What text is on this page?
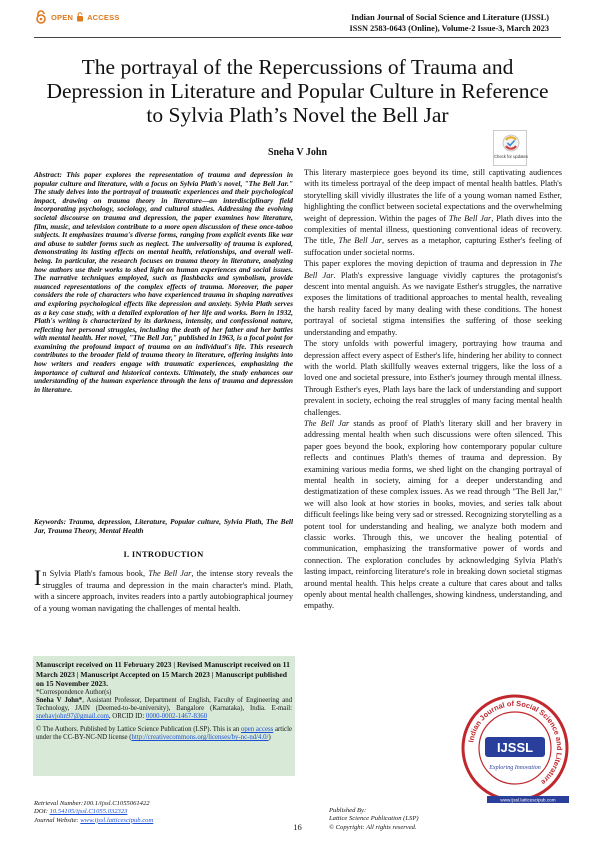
OPEN ACCESS	Indian Journal of Social Science and Literature (IJSSL)
ISSN 2583-0643 (Online), Volume-2 Issue-3, March 2023
The portrayal of the Repercussions of Trauma and Depression in Literature and Popular Culture in Reference to Sylvia Plath’s Novel the Bell Jar
Sneha V John	Check for updates
Abstract: This paper explores the representation of trauma and depression in popular culture and literature, with a focus on Sylvia Plath's novel, "The Bell Jar." The study delves into the portrayal of traumatic experiences and their psychological impact, drawing on trauma theory in literature—an interdisciplinary field incorporating psychology, sociology, and cultural studies. Addressing the evolving societal discourse on trauma and depression, the paper examines how literature, film, music, and television contribute to a more open discussion of these once-taboo subjects. It emphasizes trauma's diverse forms, ranging from explicit events like war and abuse to subtler forms such as neglect. The universality of trauma is explored, demonstrating its lasting effects on mental health, relationships, and overall well-being. In particular, the research focuses on trauma theory in literature, analyzing how authors use their works to shed light on human experiences and social issues. The narrative techniques employed, such as flashbacks and symbolism, provide nuanced representations of the complex effects of trauma. Moreover, the paper considers the role of characters who have experienced trauma in shaping narratives and exploring psychological effects like depression and anxiety. Sylvia Plath serves as a key case study, with a detailed exploration of her life and works. Born in 1932, Plath's writing is characterized by its darkness, intensity, and confessional nature, reflecting her personal struggles, including the death of her father and her battles with mental health. Her novel, "The Bell Jar," published in 1963, is a focal point for examining the profound impact of trauma on an individual's life. This research contributes to the broader field of trauma theory in literature, offering insights into how writers and readers engage with traumatic experiences, emphasizing the importance of cultural and historical contexts. Ultimately, the study enhances our understanding of the human experience through the lens of trauma and depression in literature.
Keywords: Trauma, depression, Literature, Popular culture, Sylvia Plath, The Bell Jar, Trauma Theory, Mental Health
I. INTRODUCTION
In Sylvia Plath's famous book, The Bell Jar, the intense story reveals the struggles of trauma and depression in the main character's mind. Plath, with a sincere approach, invites readers into a partly autobiographical journey of a young woman navigating the challenges of mental health.
Manuscript received on 11 February 2023 | Revised Manuscript received on 11 March 2023 | Manuscript Accepted on 15 March 2023 | Manuscript published on 15 November 2023.
*Correspondence Author(s)
Sneha V John*, Assistant Professor, Department of English, Faculty of Engineering and Technology, JAIN (Deemed-to-be-university), Bangalore (Karnataka), India. E-mail: snehavjohn97@gmail.com, ORCID ID: 0000-0002-1467-8360
© The Authors. Published by Lattice Science Publication (LSP). This is an open access article under the CC-BY-NC-ND license (http://creativecommons.org/licenses/by-nc-nd/4.0/)

This literary masterpiece goes beyond its time, still captivating audiences with its timeless portrayal of the deep impact of mental health battles. Plath's storytelling skill vividly illustrates the life of a young woman named Esther, highlighting the conflict between societal expectations and the overwhelming weight of depression. Within the pages of The Bell Jar, Plath dives into the complexities of mental illness, questioning conventional ideas of recovery. The title, The Bell Jar, serves as a metaphor, capturing Esther's feeling of suffocation under societal norms.

This paper explores the moving depiction of trauma and depression in The Bell Jar. Plath's expressive language vividly captures the protagonist's descent into mental anguish. As we navigate Esther's struggles, the narrative exposes the limitations of traditional approaches to mental health, revealing the harsh reality faced by many dealing with these conditions. The honest portrayal of societal stigma intensifies the suffering of those seeking understanding and empathy.

The story unfolds with powerful imagery, portraying how trauma and depression affect every aspect of Esther's life, hindering her ability to connect with the world. Plath skillfully weaves external triggers, like the loss of a loved one and societal pressure, into Esther's journey through mental illness. Through Esther's eyes, Plath lays bare the lack of understanding and support prevalent in society, echoing the real struggles of many facing mental health challenges.

The Bell Jar stands as proof of Plath's literary skill and her bravery in addressing mental health when such discussions were often silenced. This paper goes beyond the book, exploring how contemporary popular culture reflects and continues Plath's themes of trauma and depression. By examining various media forms, we shed light on the changing portrayal of mental health in society, aiming for a deeper understanding and destigmatization of these complex issues. As we read through "The Bell Jar," we will also look at how stories in books, movies, and series talk about difficult feelings like being very sad or stressed. Recognizing storytelling as a potent tool for understanding and healing, we analyze both modern and classic works. Through this, we uncover the healing potential of communication, emphasizing the transformative power of words and connection. The exploration concludes by acknowledging Sylvia Plath's lasting impact, reinforcing literature's role in breaking down societal stigmas around mental health. This helps create a culture that cares about and talks openly about mental health challenges, showing kindness, understanding, and empathy.

Indian Journal of Social Science and Literature
IJSSL
Exploring Innovation
www.ijssl.latticescipub.com
Retrieval Number:100.1/ijssl.C1055061422
DOI: 10.54105/ijssl.C1055.032323
Journal Website: www.ijssl.latticescipub.com
Published By:
Lattice Science Publication (LSP)
© Copyright: All rights reserved.
16
